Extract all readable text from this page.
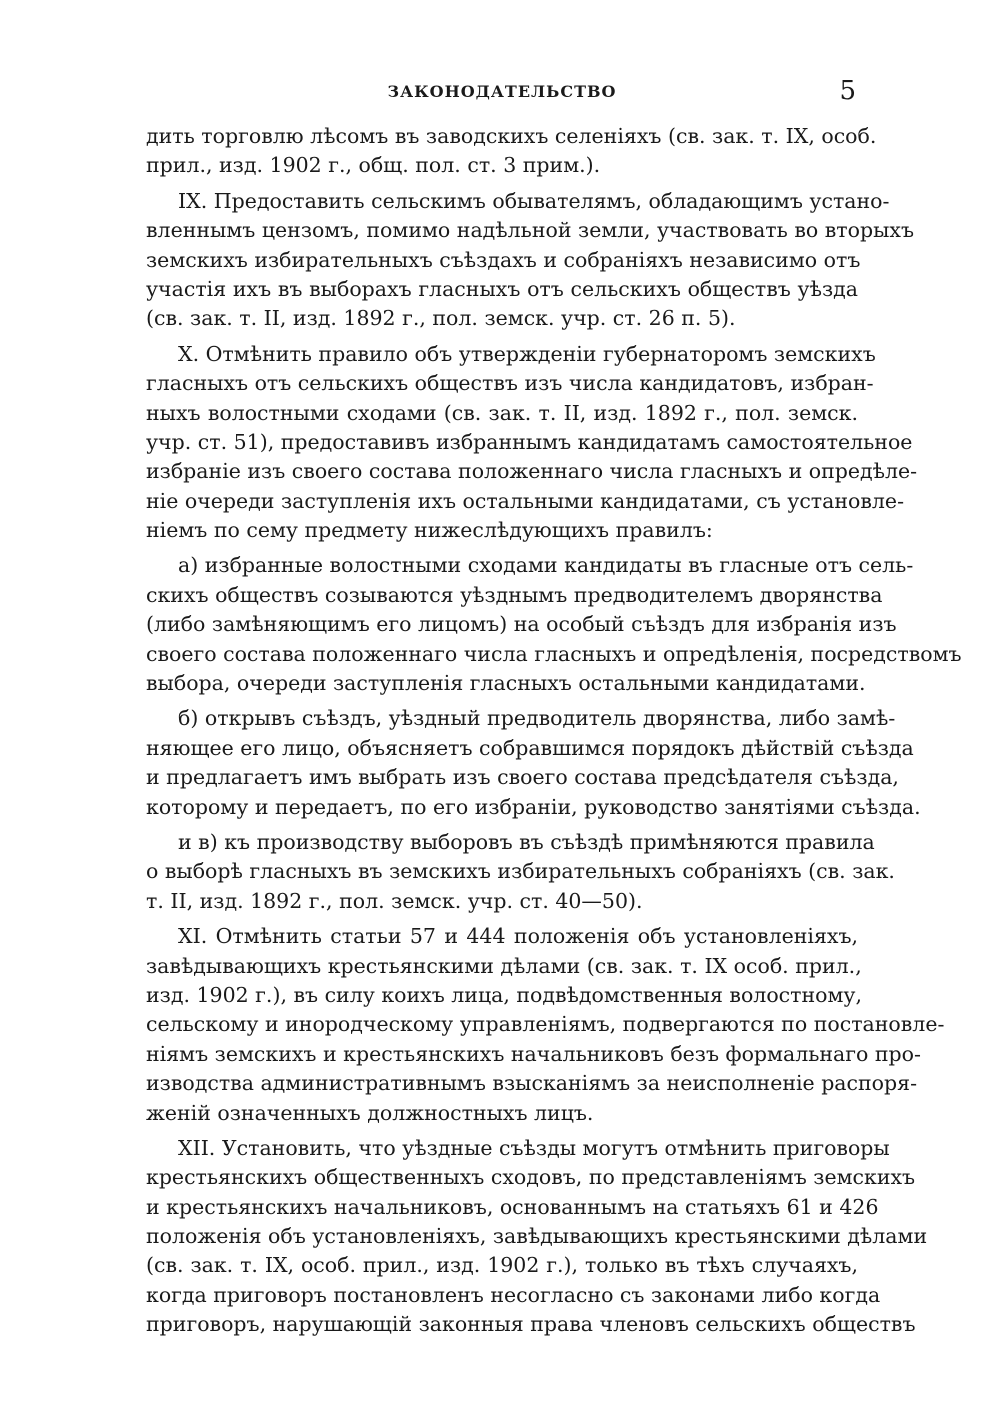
ЗАКОНОДАТЕЛЬСТВО	5
дить торговлю лѣсомъ въ заводскихъ селеніяхъ (св. зак. т. IX, особ.
прил., изд. 1902 г., общ. пол. ст. 3 прим.).
IX. Предоставить сельскимъ обывателямъ, обладающимъ устано-
вленнымъ цензомъ, помимо надѣльной земли, участвовать во вторыхъ
земскихъ избирательныхъ съѣздахъ и собраніяхъ независимо отъ
участія ихъ въ выборахъ гласныхъ отъ сельскихъ обществъ уѣзда
(св. зак. т. II, изд. 1892 г., пол. земск. учр. ст. 26 п. 5).
X. Отмѣнить правило объ утвержденіи губернаторомъ земскихъ
гласныхъ отъ сельскихъ обществъ изъ числа кандидатовъ, избран-
ныхъ волостными сходами (св. зак. т. II, изд. 1892 г., пол. земск.
учр. ст. 51), предоставивъ избраннымъ кандидатамъ самостоятельное
избраніе изъ своего состава положеннаго числа гласныхъ и опредѣле-
ніе очереди заступленія ихъ остальными кандидатами, съ установле-
ніемъ по сему предмету нижеслѣдующихъ правилъ:
а) избранные волостными сходами кандидаты въ гласные отъ сель-
скихъ обществъ созываются уѣзднымъ предводителемъ дворянства
(либо замѣняющимъ его лицомъ) на особый съѣздъ для избранія изъ
своего состава положеннаго числа гласныхъ и опредѣленія, посредствомъ
выбора, очереди заступленія гласныхъ остальными кандидатами.
б) открывъ съѣздъ, уѣздный предводитель дворянства, либо замѣ-
няющее его лицо, объясняетъ собравшимся порядокъ дѣйствій съѣзда
и предлагаетъ имъ выбрать изъ своего состава предсѣдателя съѣзда,
которому и передаетъ, по его избраніи, руководство занятіями съѣзда.
и в) къ производству выборовъ въ съѣздѣ примѣняются правила
о выборѣ гласныхъ въ земскихъ избирательныхъ собраніяхъ (св. зак.
т. II, изд. 1892 г., пол. земск. учр. ст. 40—50).
XI. Отмѣнить статьи 57 и 444 положенія объ установленіяхъ,
завѣдывающихъ крестьянскими дѣлами (св. зак. т. IX особ. прил.,
изд. 1902 г.), въ силу коихъ лица, подвѣдомственныя волостному,
сельскому и инородческому управленіямъ, подвергаются по постановле-
ніямъ земскихъ и крестьянскихъ начальниковъ безъ формальнаго про-
изводства административнымъ взысканіямъ за неисполненіе распоря-
женій означенныхъ должностныхъ лицъ.
XII. Установить, что уѣздные съѣзды могутъ отмѣнить приговоры
крестьянскихъ общественныхъ сходовъ, по представленіямъ земскихъ
и крестьянскихъ начальниковъ, основаннымъ на статьяхъ 61 и 426
положенія объ установленіяхъ, завѣдывающихъ крестьянскими дѣлами
(св. зак. т. IX, особ. прил., изд. 1902 г.), только въ тѣхъ случаяхъ,
когда приговоръ постановленъ несогласно съ законами либо когда
приговоръ, нарушающій законныя права членовъ сельскихъ обществъ
